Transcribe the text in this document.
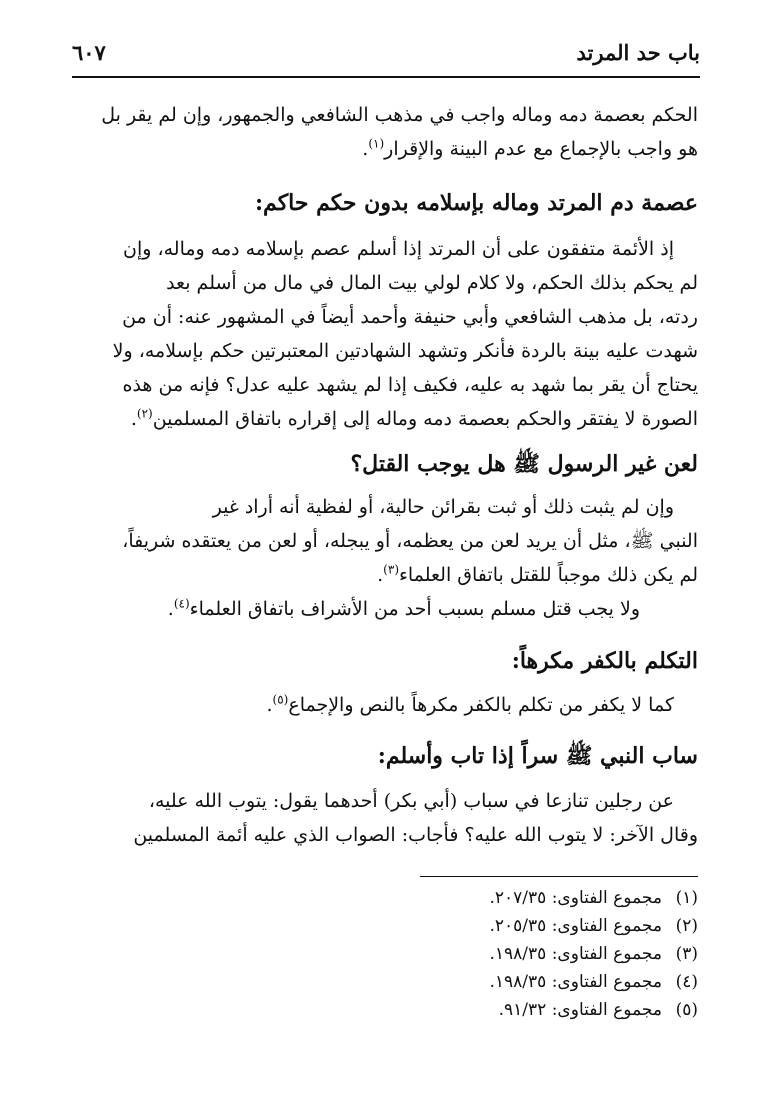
باب حد المرتد
٦٠٧

الحكم بعصمة دمه وماله واجب في مذهب الشافعي والجمهور، وإن لم يقر بل
هو واجب بالإجماع مع عدم البينة والإقرار$^{(١)}$.

عصمة دم المرتد وماله بإسلامه بدون حكم حاكم:

إذ الأئمة متفقون على أن المرتد إذا أسلم عصم بإسلامه دمه وماله، وإن
لم يحكم بذلك الحكم، ولا كلام لولي بيت المال في مال من أسلم بعد
ردته، بل مذهب الشافعي وأبي حنيفة وأحمد أيضاً في المشهور عنه: أن من
شهدت عليه بينة بالردة فأنكر وتشهد الشهادتين المعتبرتين حكم بإسلامه، ولا
يحتاج أن يقر بما شهد به عليه، فكيف إذا لم يشهد عليه عدل؟ فإنه من هذه
الصورة لا يفتقر والحكم بعصمة دمه وماله إلى إقراره باتفاق المسلمين$^{(٢)}$.

لعن غير الرسول ﷺ هل يوجب القتل؟

وإن لم يثبت ذلك أو ثبت بقرائن حالية، أو لفظية أنه أراد غير
النبي ﷺ، مثل أن يريد لعن من يعظمه، أو يبجله، أو لعن من يعتقده شريفاً،
لم يكن ذلك موجباً للقتل باتفاق العلماء$^{(٣)}$.
ولا يجب قتل مسلم بسبب أحد من الأشراف باتفاق العلماء$^{(٤)}$.

التكلم بالكفر مكرهاً:

كما لا يكفر من تكلم بالكفر مكرهاً بالنص والإجماع$^{(٥)}$.

ساب النبي ﷺ سراً إذا تاب وأسلم:

عن رجلين تنازعا في سباب (أبي بكر) أحدهما يقول: يتوب الله عليه،
وقال الآخر: لا يتوب الله عليه؟ فأجاب: الصواب الذي عليه أئمة المسلمين

(١)مجموع الفتاوى: ٢٠٧/٣٥.

(٢)مجموع الفتاوى: ٢٠٥/٣٥.

(٣)مجموع الفتاوى: ١٩٨/٣٥.

(٤)مجموع الفتاوى: ١٩٨/٣٥.

(٥)مجموع الفتاوى: ٩١/٣٢.
